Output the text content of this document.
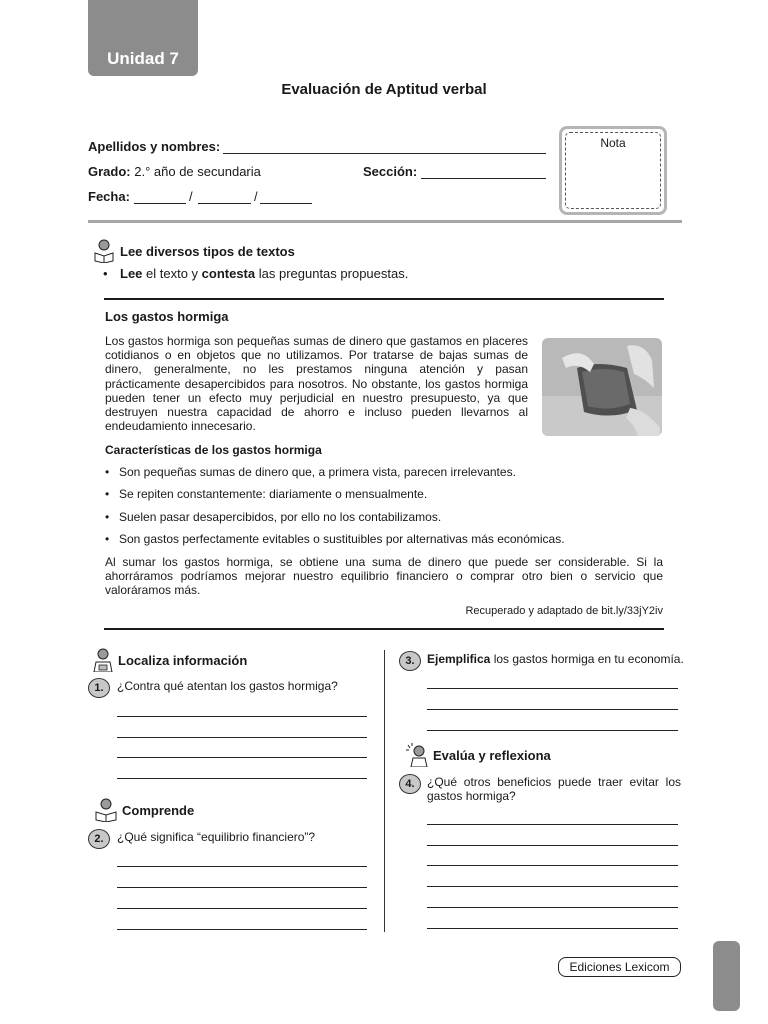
Unidad 7
Evaluación de Aptitud verbal
Apellidos y nombres:
Grado: 2.° año de secundaria	Sección:
Fecha:	/	/
Nota
Lee diversos tipos de textos
• Lee el texto y contesta las preguntas propuestas.
Los gastos hormiga
Los gastos hormiga son pequeñas sumas de dinero que gastamos en placeres cotidianos o en objetos que no utilizamos. Por tratarse de bajas sumas de dinero, generalmente, no les prestamos ninguna atención y pasan prácticamente desapercibidos para nosotros. No obstante, los gastos hormiga pueden tener un efecto muy perjudicial en nuestro presupuesto, ya que destruyen nuestra capacidad de ahorro e incluso pueden llevarnos al endeudamiento innecesario.
Características de los gastos hormiga
• Son pequeñas sumas de dinero que, a primera vista, parecen irrelevantes.
• Se repiten constantemente: diariamente o mensualmente.
• Suelen pasar desapercibidos, por ello no los contabilizamos.
• Son gastos perfectamente evitables o sustituibles por alternativas más económicas.
Al sumar los gastos hormiga, se obtiene una suma de dinero que puede ser considerable. Si la ahorráramos podríamos mejorar nuestro equilibrio financiero o comprar otro bien o servicio que valoráramos más.
Recuperado y adaptado de bit.ly/33jY2iv
Localiza información
1.	¿Contra qué atentan los gastos hormiga?
Comprende
2.	¿Qué significa “equilibrio financiero”?
3.	Ejemplifica los gastos hormiga en tu economía.
Evalúa y reflexiona
4.	¿Qué otros beneficios puede traer evitar los gastos hormiga?
Ediciones Lexicom
